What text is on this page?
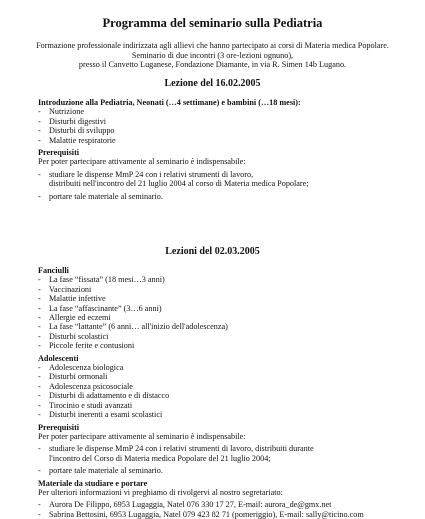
Programma del seminario sulla Pediatria
Formazione professionale indirizzata agli allievi che hanno partecipato ai corsi di Materia medica Popolare.
Seminario di due incontri (3 ore-lezioni ognuno),
presso il Canvetto Luganese, Fondazione Diamante, in via R. Simen 14b Lugano.
Lezione del 16.02.2005
Introduzione alla Pediatria, Neonati (…4 settimane) e bambini (…18 mesi):
- Nutrizione
- Disturbi digestivi
- Disturbi di sviluppo
- Malattie respiratorie
Prerequisiti
Per poter partecipare attivamente al seminario è indispensabile:
- studiare le dispense MmP 24 con i relativi strumenti di lavoro,
distribuiti nell'incontro del 21 luglio 2004 al corso di Materia medica Popolare;
- portare tale materiale al seminario.
Lezioni del 02.03.2005
Fanciulli
- La fase “fissata” (18 mesi…3 anni)
- Vaccinazioni
- Malattie infettive
- La fase “affascinante” (3…6 anni)
- Allergie ed eczemi
- La fase “lattante” (6 anni… all'inizio dell'adolescenza)
- Disturbi scolastici
- Piccole ferite e contusioni
Adolescenti
- Adolescenza biologica
- Disturbi ormonali
- Adolescenza psicosociale
- Disturbi di adattamento e di distacco
- Tirocinio e studi avanzati
- Disturbi inerenti a esami scolastici
Prerequisiti
Per poter partecipare attivamente al seminario è indispensabile:
- studiare le dispense MmP 24 con i relativi strumenti di lavoro, distribuiti durante
l'incontro del Corso di Materia medica Popolare del 21 luglio 2004;
- portare tale materiale al seminario.
Materiale da studiare e portare
Per ulteriori informazioni vi preghiamo di rivolgervi al nostro segretariato:
- Aurora De Filippo, 6953 Lugaggia, Natel 076 330 17 27, E-mail: aurora_de@gmx.net
- Sabrina Bettosini, 6953 Lugaggia, Natel 079 423 82 71 (pomeriggio), E-mail: sally@ticino.com
